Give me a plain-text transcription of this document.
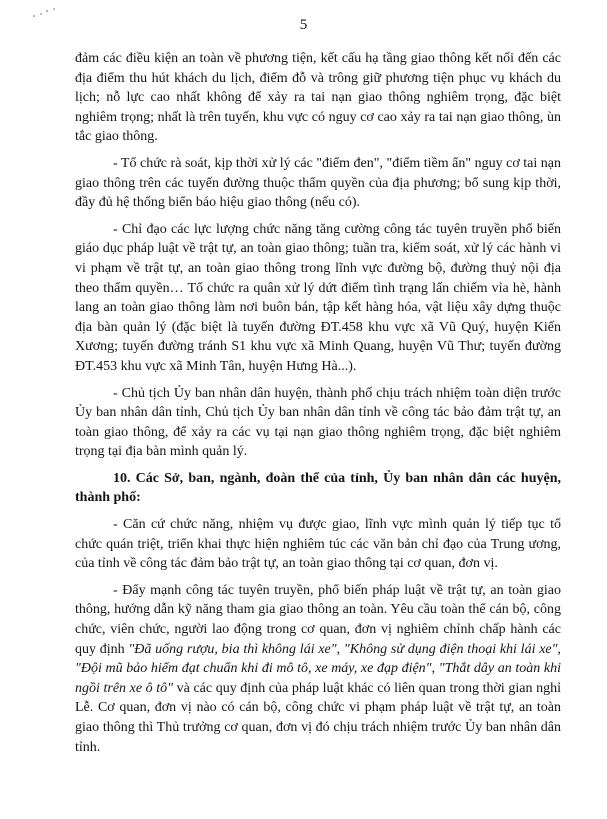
5

đảm các điều kiện an toàn về phương tiện, kết cấu hạ tầng giao thông kết nối đến các địa điểm thu hút khách du lịch, điểm đỗ và trông giữ phương tiện phục vụ khách du lịch; nỗ lực cao nhất không để xảy ra tai nạn giao thông nghiêm trọng, đặc biệt nghiêm trọng; nhất là trên tuyến, khu vực có nguy cơ cao xảy ra tai nạn giao thông, ùn tắc giao thông.

- Tổ chức rà soát, kịp thời xử lý các "điểm đen", "điểm tiềm ẩn" nguy cơ tai nạn giao thông trên các tuyến đường thuộc thẩm quyền của địa phương; bổ sung kịp thời, đầy đủ hệ thống biển báo hiệu giao thông (nếu có).

- Chỉ đạo các lực lượng chức năng tăng cường công tác tuyên truyền phổ biến giáo dục pháp luật về trật tự, an toàn giao thông; tuần tra, kiểm soát, xử lý các hành vi vi phạm về trật tự, an toàn giao thông trong lĩnh vực đường bộ, đường thuỷ nội địa theo thẩm quyền… Tổ chức ra quân xử lý dứt điểm tình trạng lấn chiếm vỉa hè, hành lang an toàn giao thông làm nơi buôn bán, tập kết hàng hóa, vật liệu xây dựng thuộc địa bàn quản lý (đặc biệt là tuyến đường ĐT.458 khu vực xã Vũ Quý, huyện Kiến Xương; tuyến đường tránh S1 khu vực xã Minh Quang, huyện Vũ Thư; tuyến đường ĐT.453 khu vực xã Minh Tân, huyện Hưng Hà...).

- Chủ tịch Ủy ban nhân dân huyện, thành phố chịu trách nhiệm toàn diện trước Ủy ban nhân dân tỉnh, Chủ tịch Ủy ban nhân dân tỉnh về công tác bảo đảm trật tự, an toàn giao thông, để xảy ra các vụ tại nạn giao thông nghiêm trọng, đặc biệt nghiêm trọng tại địa bàn mình quản lý.

10. Các Sở, ban, ngành, đoàn thể của tỉnh, Ủy ban nhân dân các huyện, thành phố:

- Căn cứ chức năng, nhiệm vụ được giao, lĩnh vực mình quản lý tiếp tục tổ chức quán triệt, triển khai thực hiện nghiêm túc các văn bản chỉ đạo của Trung ương, của tỉnh về công tác đảm bảo trật tự, an toàn giao thông tại cơ quan, đơn vị.

- Đẩy mạnh công tác tuyên truyền, phổ biến pháp luật về trật tự, an toàn giao thông, hướng dẫn kỹ năng tham gia giao thông an toàn. Yêu cầu toàn thể cán bộ, công chức, viên chức, người lao động trong cơ quan, đơn vị nghiêm chỉnh chấp hành các quy định "Đã uống rượu, bia thì không lái xe", "Không sử dụng điện thoại khi lái xe", "Đội mũ bảo hiểm đạt chuẩn khi đi mô tô, xe máy, xe đạp điện", "Thắt dây an toàn khi ngồi trên xe ô tô" và các quy định của pháp luật khác có liên quan trong thời gian nghỉ Lễ. Cơ quan, đơn vị nào có cán bộ, công chức vi phạm pháp luật về trật tự, an toàn giao thông thì Thủ trưởng cơ quan, đơn vị đó chịu trách nhiệm trước Ủy ban nhân dân tỉnh.
